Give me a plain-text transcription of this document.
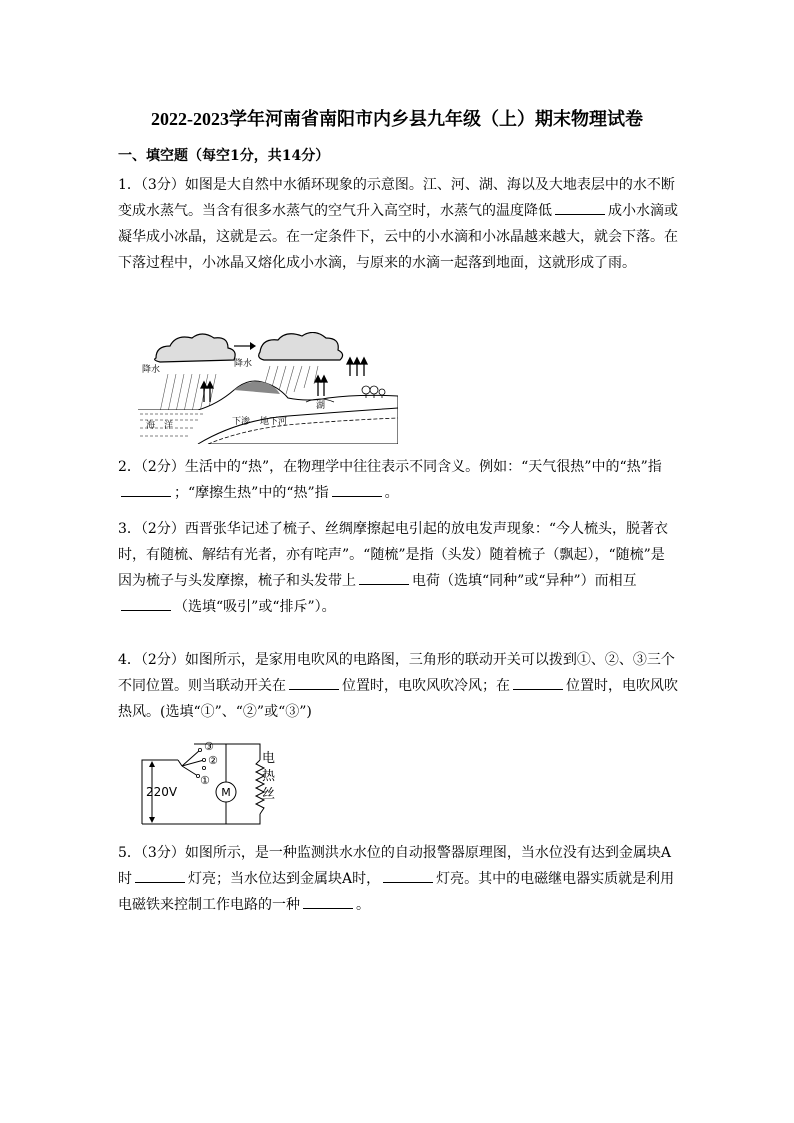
2022-2023学年河南省南阳市内乡县九年级（上）期末物理试卷
一、填空题（每空1分，共14分）
1．（3分）如图是大自然中水循环现象的示意图。江、河、湖、海以及大地表层中的水不断变成水蒸气。当含有很多水蒸气的空气升入高空时，水蒸气的温度降低	成小水滴或凝华成小冰晶，这就是云。在一定条件下，云中的小水滴和小冰晶越来越大，就会下落。在下落过程中，小冰晶又熔化成小水滴，与原来的水滴一起落到地面，这就形成了雨。
降水
降水
海　洋	下渗 地下河
湖
2．（2分）生活中的“热”，在物理学中往往表示不同含义。例如：“天气很热”中的“热”指；“摩擦生热”中的“热”指	。
3．（2分）西晋张华记述了梳子、丝绸摩擦起电引起的放电发声现象：“今人梳头，脱著衣时，有随梳、解结有光者，亦有咤声”。“随梳”是指（头发）随着梳子（飘起），“随梳”是因为梳子与头发摩擦，梳子和头发带上	电荷（选填“同种”或“异种”）而相互（选填“吸引”或“排斥”）。
4．（2分）如图所示，是家用电吹风的电路图，三角形的联动开关可以拨到①、②、③三个不同位置。则当联动开关在	位置时，电吹风吹冷风；在	位置时，电吹风吹热风。(选填“①”、“②”或“③”)
M
220V
③
②
①
电热丝
5．（3分）如图所示，是一种监测洪水水位的自动报警器原理图，当水位没有达到金属块A时	灯亮；当水位达到金属块A时，	灯亮。其中的电磁继电器实质就是利用电磁铁来控制工作电路的一种	。
